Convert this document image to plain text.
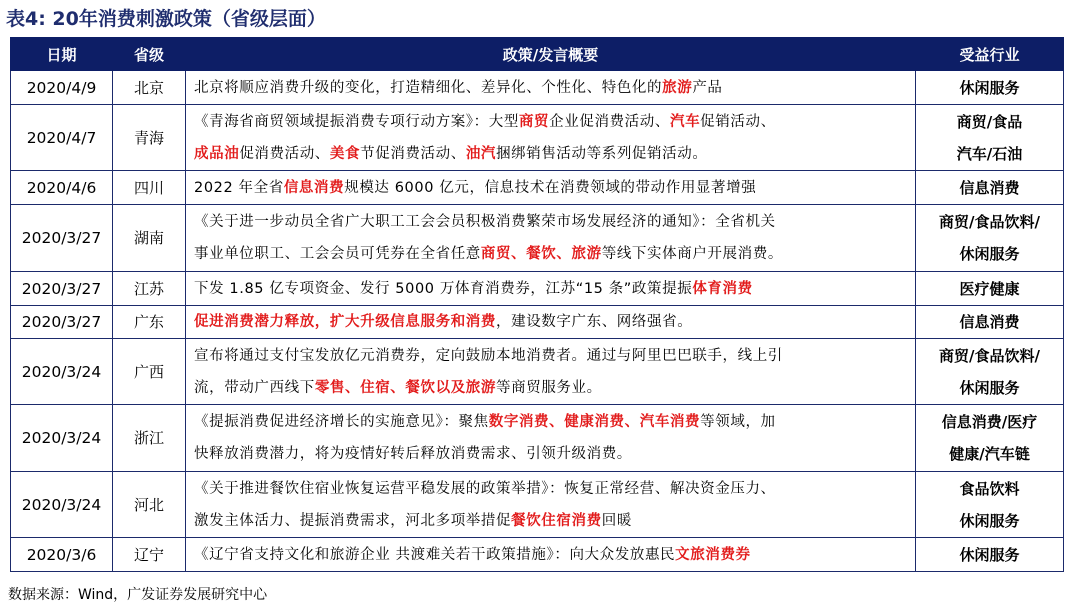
表4: 20年消费刺激政策（省级层面）
日期	省级	政策/发言概要	受益行业
2020/4/9	北京	北京将顺应消费升级的变化，打造精细化、差异化、个性化、特色化的旅游产品	休闲服务

2020/4/7	青海	《青海省商贸领域提振消费专项行动方案》：大型商贸企业促消费活动、汽车促销活动、
成品油促消费活动、美食节促消费活动、油汽捆绑销售活动等系列促销活动。	商贸/食品
汽车/石油

2020/4/6	四川	2022 年全省信息消费规模达 6000 亿元，信息技术在消费领域的带动作用显著增强	信息消费

2020/3/27	湖南	《关于进一步动员全省广大职工工会会员积极消费繁荣市场发展经济的通知》：全省机关
事业单位职工、工会会员可凭券在全省任意商贸、餐饮、旅游等线下实体商户开展消费。	商贸/食品饮料/
休闲服务

2020/3/27	江苏	下发 1.85 亿专项资金、发行 5000 万体育消费券，江苏“15 条”政策提振体育消费	医疗健康

2020/3/27	广东	促进消费潜力释放，扩大升级信息服务和消费，建设数字广东、网络强省。	信息消费

2020/3/24	广西	宣布将通过支付宝发放亿元消费券，定向鼓励本地消费者。通过与阿里巴巴联手，线上引
流，带动广西线下零售、住宿、餐饮以及旅游等商贸服务业。	商贸/食品饮料/
休闲服务

2020/3/24	浙江	《提振消费促进经济增长的实施意见》：聚焦数字消费、健康消费、汽车消费等领域，加
快释放消费潜力，将为疫情好转后释放消费需求、引领升级消费。	信息消费/医疗
健康/汽车链

2020/3/24	河北	《关于推进餐饮住宿业恢复运营平稳发展的政策举措》：恢复正常经营、解决资金压力、
激发主体活力、提振消费需求，河北多项举措促餐饮住宿消费回暖	食品饮料
休闲服务

2020/3/6	辽宁	《辽宁省支持文化和旅游企业 共渡难关若干政策措施》：向大众发放惠民文旅消费券	休闲服务
数据来源：Wind，广发证券发展研究中心
